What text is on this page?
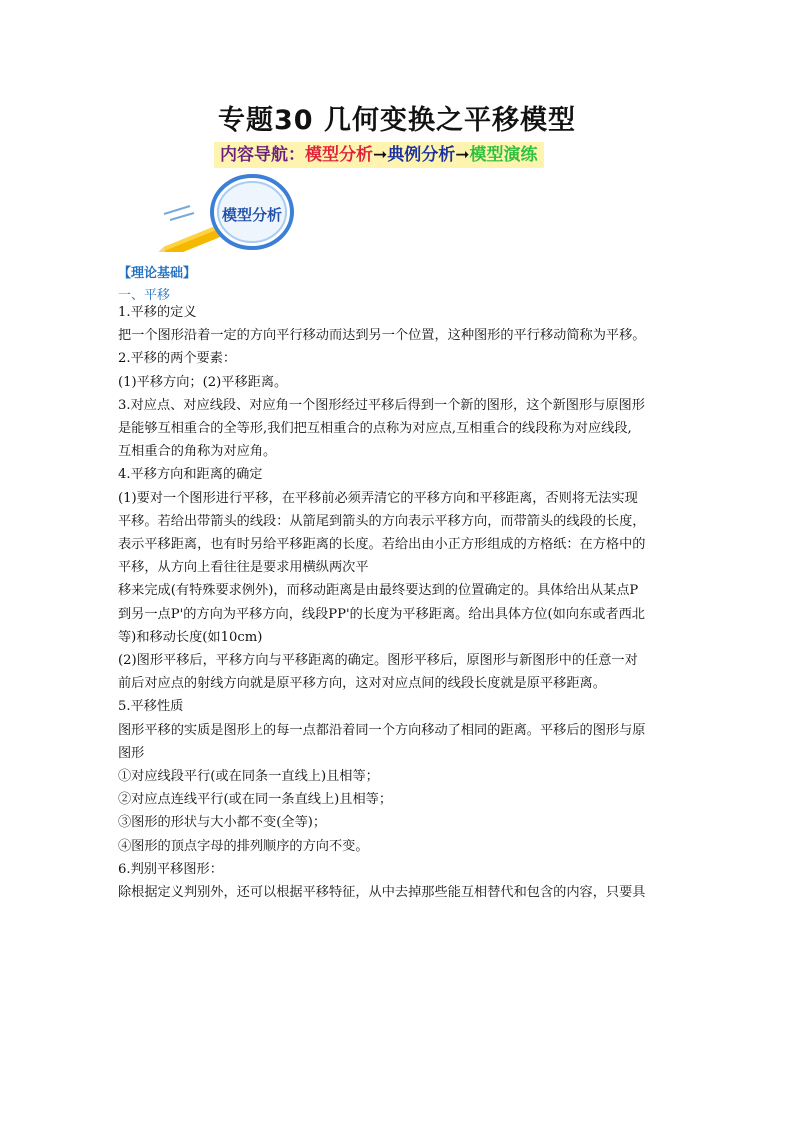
专题30 几何变换之平移模型
内容导航：模型分析➞典例分析➞模型演练
模型分析
【理论基础】
一、平移

1.平移的定义

把一个图形沿着一定的方向平行移动而达到另一个位置，这种图形的平行移动简称为平移。

2.平移的两个要素：

(1)平移方向；(2)平移距离。

3.对应点、对应线段、对应角一个图形经过平移后得到一个新的图形，这个新图形与原图形

是能够互相重合的全等形,我们把互相重合的点称为对应点,互相重合的线段称为对应线段,

互相重合的角称为对应角。

4.平移方向和距离的确定

(1)要对一个图形进行平移，在平移前必须弄清它的平移方向和平移距离，否则将无法实现

平移。若给出带箭头的线段：从箭尾到箭头的方向表示平移方向，而带箭头的线段的长度，

表示平移距离，也有时另给平移距离的长度。若给出由小正方形组成的方格纸：在方格中的

平移，从方向上看往往是要求用横纵两次平

移来完成(有特殊要求例外)，而移动距离是由最终要达到的位置确定的。具体给出从某点P

到另一点P'的方向为平移方向，线段PP'的长度为平移距离。给出具体方位(如向东或者西北

等)和移动长度(如10cm)

(2)图形平移后，平移方向与平移距离的确定。图形平移后，原图形与新图形中的任意一对

前后对应点的射线方向就是原平移方向，这对对应点间的线段长度就是原平移距离。

5.平移性质

图形平移的实质是图形上的每一点都沿着同一个方向移动了相同的距离。平移后的图形与原

图形

①对应线段平行(或在同条一直线上)且相等；

②对应点连线平行(或在同一条直线上)且相等；

③图形的形状与大小都不变(全等)；

④图形的顶点字母的排列顺序的方向不变。

6.判别平移图形：

除根据定义判别外，还可以根据平移特征，从中去掉那些能互相替代和包含的内容，只要具
